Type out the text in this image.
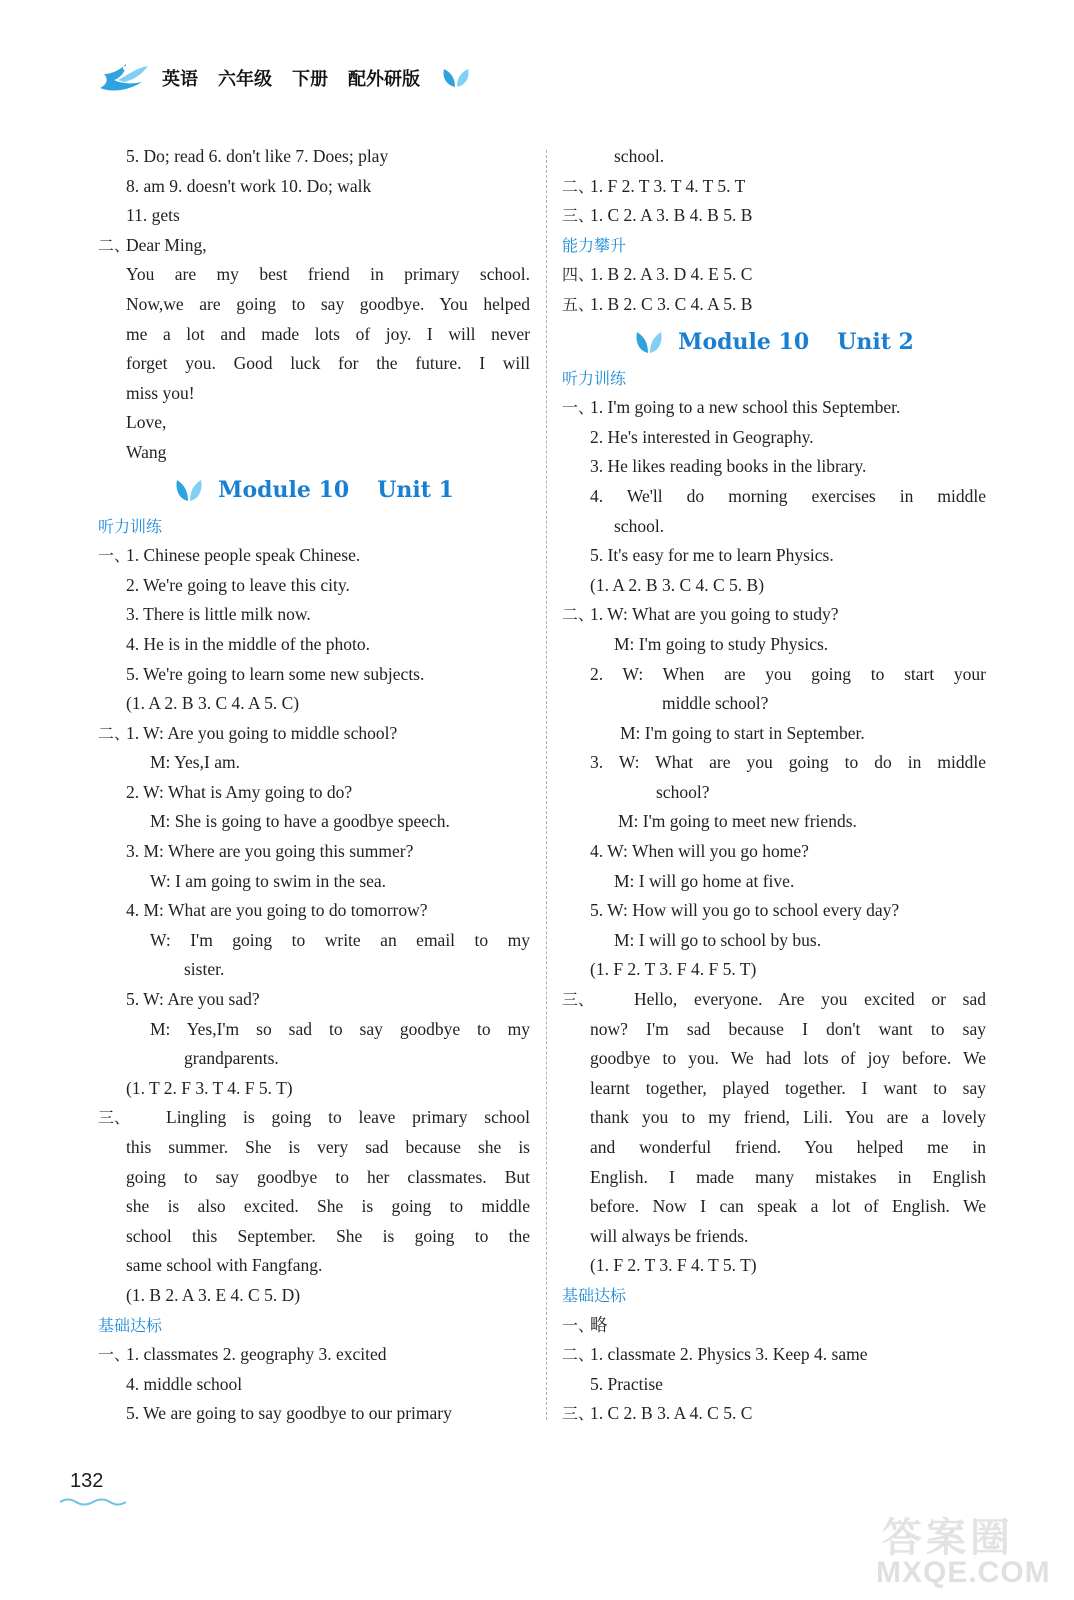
英语 六年级 下册 配外研版
5. Do; read 6. don't like 7. Does; play
8. am 9. doesn't work 10. Do; walk
11. gets
二、
Dear Ming,
You are my best friend in primary school.
Now,we are going to say goodbye. You helped
me a lot and made lots of joy. I will never
forget you. Good luck for the future. I will
miss you!
Love,
Wang
Module 10 Unit 1
听力训练
一、
1. Chinese people speak Chinese.
2. We're going to leave this city.
3. There is little milk now.
4. He is in the middle of the photo.
5. We're going to learn some new subjects.
(1. A 2. B 3. C 4. A 5. C)
二、
1. W: Are you going to middle school?
M: Yes,I am.
2. W: What is Amy going to do?
M: She is going to have a goodbye speech.
3. M: Where are you going this summer?
W: I am going to swim in the sea.
4. M: What are you going to do tomorrow?
W: I'm going to write an email to my
sister.
5. W: Are you sad?
M: Yes,I'm so sad to say goodbye to my
grandparents.
(1. T 2. F 3. T 4. F 5. T)
三、 Lingling is going to leave primary school
this summer. She is very sad because she is
going to say goodbye to her classmates. But
she is also excited. She is going to middle
school this September. She is going to the
same school with Fangfang.
(1. B 2. A 3. E 4. C 5. D)
基础达标
一、
1. classmates 2. geography 3. excited
4. middle school
5. We are going to say goodbye to our primary
school.
二、
1. F 2. T 3. T 4. T 5. T
三、
1. C 2. A 3. B 4. B 5. B
能力攀升
四、
1. B 2. A 3. D 4. E 5. C
五、
1. B 2. C 3. C 4. A 5. B
Module 10 Unit 2
听力训练
一、
1. I'm going to a new school this September.
2. He's interested in Geography.
3. He likes reading books in the library.
4. We'll do morning exercises in middle
school.
5. It's easy for me to learn Physics.
(1. A 2. B 3. C 4. C 5. B)
二、
1. W: What are you going to study?
M: I'm going to study Physics.
2. W: When are you going to start your
middle school?
M: I'm going to start in September.
3. W: What are you going to do in middle
school?
M: I'm going to meet new friends.
4. W: When will you go home?
M: I will go home at five.
5. W: How will you go to school every day?
M: I will go to school by bus.
(1. F 2. T 3. F 4. F 5. T)
三、 Hello, everyone. Are you excited or sad
now? I'm sad because I don't want to say
goodbye to you. We had lots of joy before. We
learnt together, played together. I want to say
thank you to my friend, Lili. You are a lovely
and wonderful friend. You helped me in
English. I made many mistakes in English
before. Now I can speak a lot of English. We
will always be friends.
(1. F 2. T 3. F 4. T 5. T)
基础达标
一、
略
二、
1. classmate 2. Physics 3. Keep 4. same
5. Practise
三、
1. C 2. B 3. A 4. C 5. C
132
答案圈
MXQE.COM
